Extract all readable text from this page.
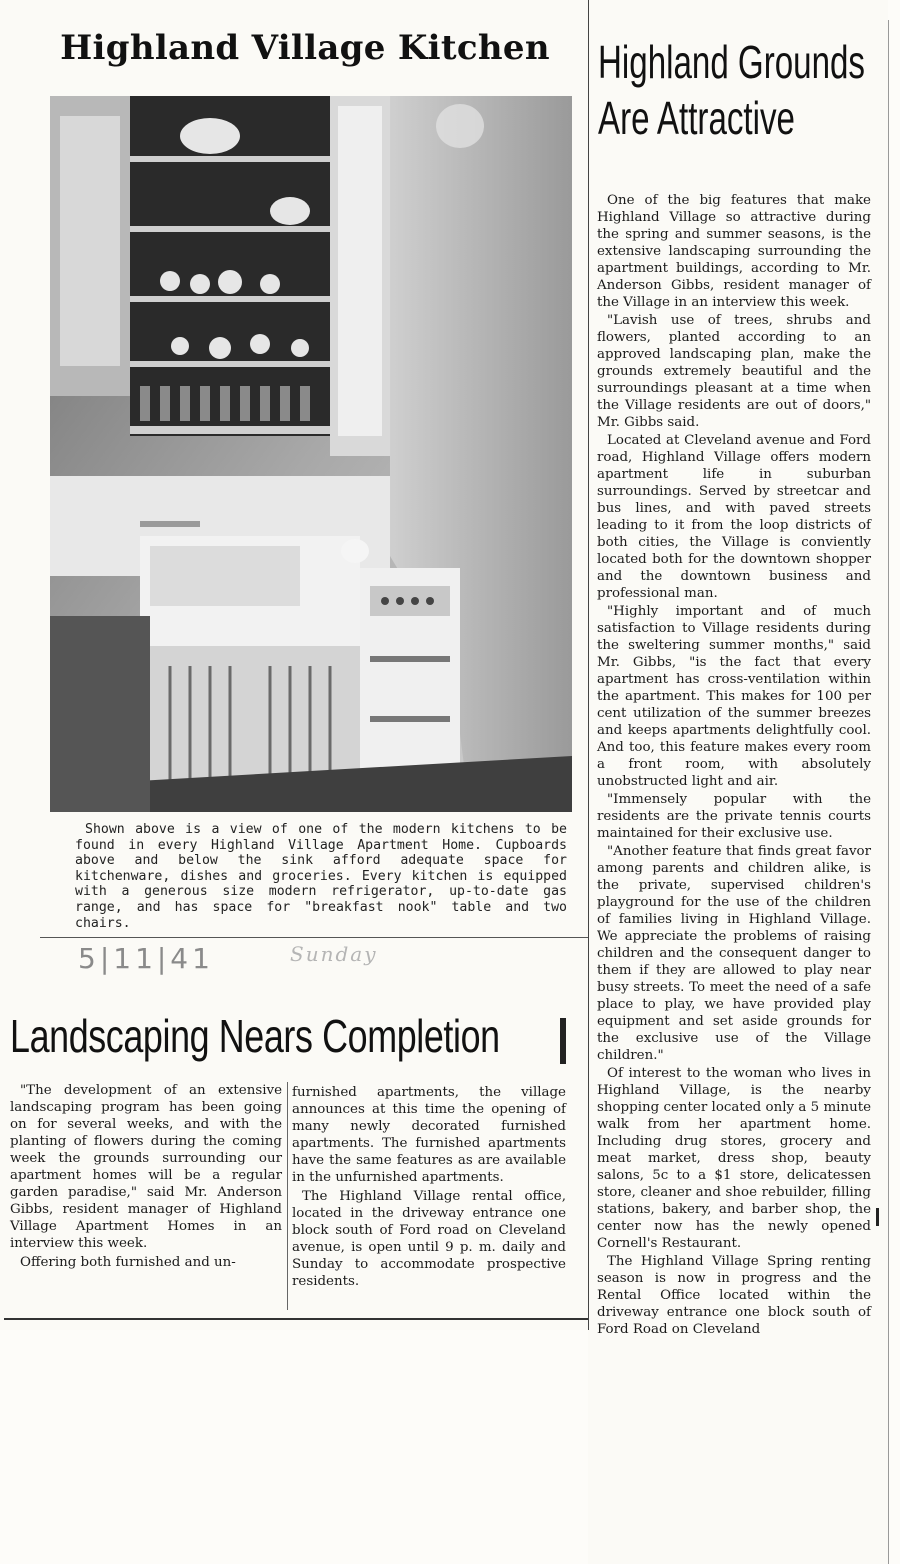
Highland Village Kitchen

Shown above is a view of one of the modern kitchens to be found in every Highland Village Apartment Home. Cupboards above and below the sink afford adequate space for kitchenware, dishes and groceries. Every kitchen is equipped with a generous size modern refrigerator, up-to-date gas range, and has space for "breakfast nook" table and two chairs.

5|11|41	Sunday
Landscaping Nears Completion

"The development of an extensive landscaping program has been going on for several weeks, and with the planting of flowers during the coming week the grounds surrounding our apartment homes will be a regular garden paradise," said Mr. Anderson Gibbs, resident manager of Highland Village Apartment Homes in an interview this week.

Offering both furnished and un-

furnished apartments, the village announces at this time the opening of many newly decorated furnished apartments. The furnished apartments have the same features as are available in the unfurnished apartments.

The Highland Village rental office, located in the driveway entrance one block south of Ford road on Cleveland avenue, is open until 9 p. m. daily and Sunday to accommodate prospective residents.

Highland Grounds
Are Attractive

One of the big features that make Highland Village so attractive during the spring and summer seasons, is the extensive landscaping surrounding the apartment buildings, according to Mr. Anderson Gibbs, resident manager of the Village in an interview this week.

"Lavish use of trees, shrubs and flowers, planted according to an approved landscaping plan, make the grounds extremely beautiful and the surroundings pleasant at a time when the Village residents are out of doors," Mr. Gibbs said.

Located at Cleveland avenue and Ford road, Highland Village offers modern apartment life in suburban surroundings. Served by streetcar and bus lines, and with paved streets leading to it from the loop districts of both cities, the Village is conviently located both for the downtown shopper and the downtown business and professional man.

"Highly important and of much satisfaction to Village residents during the sweltering summer months," said Mr. Gibbs, "is the fact that every apartment has cross-ventilation within the apartment. This makes for 100 per cent utilization of the summer breezes and keeps apartments delightfully cool. And too, this feature makes every room a front room, with absolutely unobstructed light and air.

"Immensely popular with the residents are the private tennis courts maintained for their exclusive use.

"Another feature that finds great favor among parents and children alike, is the private, supervised children's playground for the use of the children of families living in Highland Village. We appreciate the problems of raising children and the consequent danger to them if they are allowed to play near busy streets. To meet the need of a safe place to play, we have provided play equipment and set aside grounds for the exclusive use of the Village children."

Of interest to the woman who lives in Highland Village, is the nearby shopping center located only a 5 minute walk from her apartment home. Including drug stores, grocery and meat market, dress shop, beauty salons, 5c to a $1 store, delicatessen store, cleaner and shoe rebuilder, filling stations, bakery, and barber shop, the center now has the newly opened Cornell's Restaurant.

The Highland Village Spring renting season is now in progress and the Rental Office located within the driveway entrance one block south of Ford Road on Cleveland
